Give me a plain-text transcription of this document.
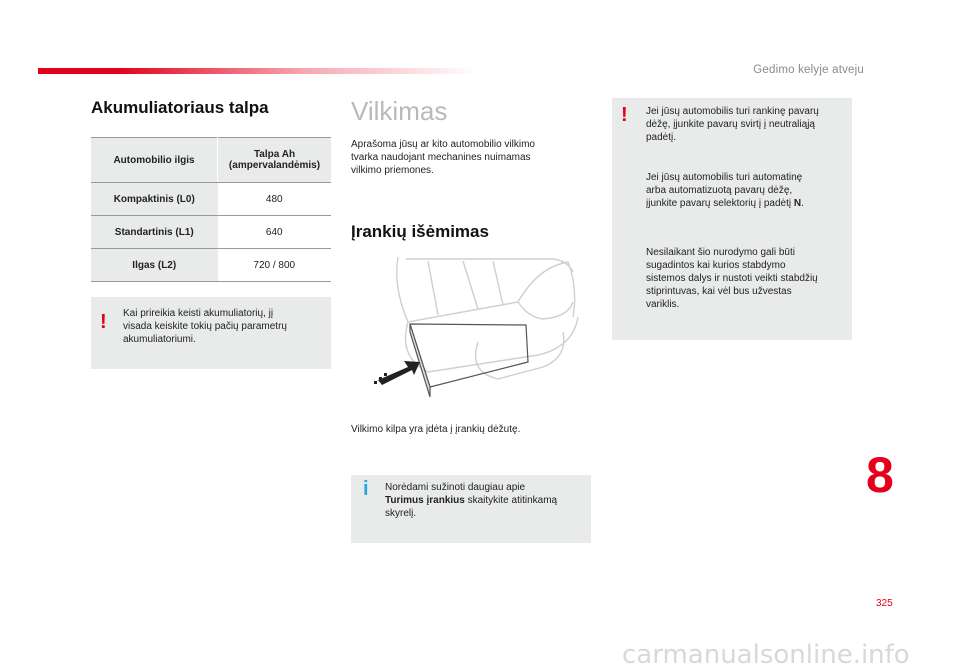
Gedimo kelyje atveju
Akumuliatoriaus talpa
Automobilio ilgis	Talpa Ah
(ampervalandėmis)
Kompaktinis (L0)	480
Standartinis (L1)	640
Ilgas (L2)	720 / 800
! Kai prireikia keisti akumuliatorių, jį
visada keiskite tokių pačių parametrų
akumuliatoriumi.
Vilkimas
Aprašoma jūsų ar kito automobilio vilkimo
tvarka naudojant mechanines nuimamas
vilkimo priemones.
Įrankių išėmimas
Vilkimo kilpa yra įdėta į įrankių dėžutę.
i Norėdami sužinoti daugiau apie
Turimus įrankius skaitykite atitinkamą
skyrelį.
! Jei jūsų automobilis turi rankinę pavarų
dėžę, įjunkite pavarų svirtį į neutraliąją
padėtį.
Jei jūsų automobilis turi automatinę
arba automatizuotą pavarų dėžę,
įjunkite pavarų selektorių į padėtį N.
Nesilaikant šio nurodymo gali būti
sugadintos kai kurios stabdymo
sistemos dalys ir nustoti veikti stabdžių
stiprintuvas, kai vėl bus užvestas
variklis.
8
325
carmanualsonline.info
